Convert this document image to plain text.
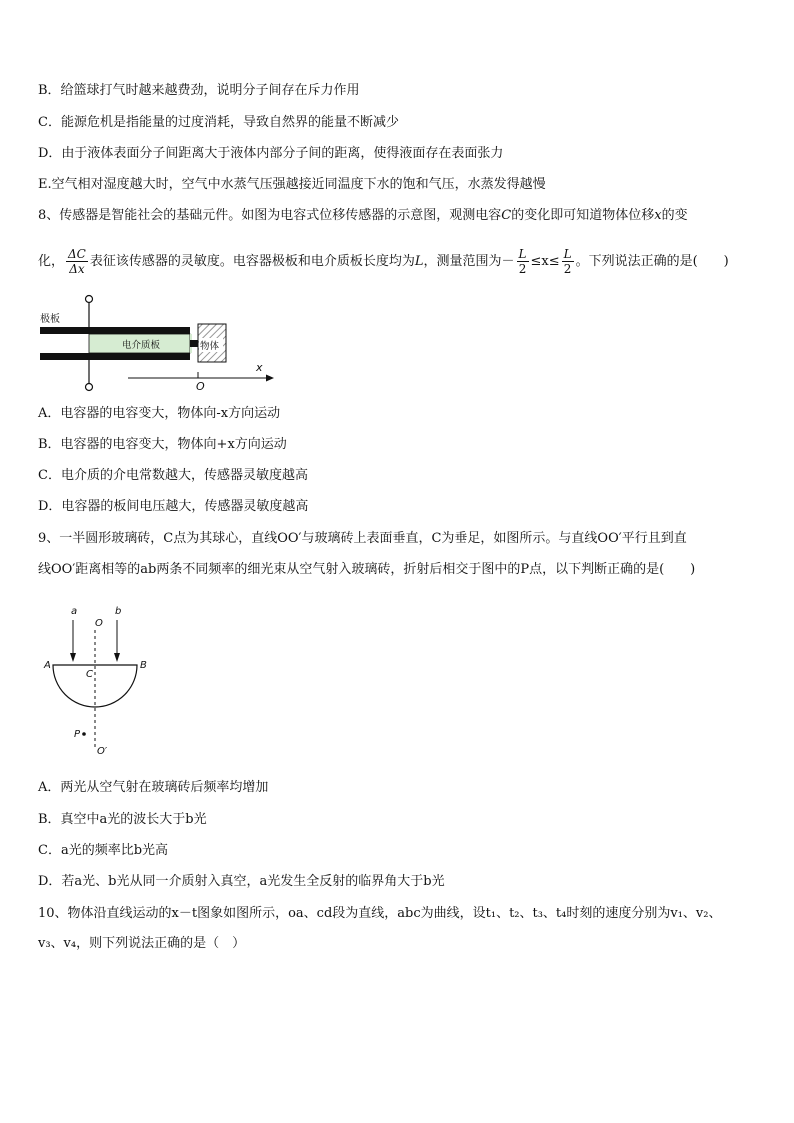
B．给篮球打气时越来越费劲，说明分子间存在斥力作用
C．能源危机是指能量的过度消耗，导致自然界的能量不断减少
D．由于液体表面分子间距离大于液体内部分子间的距离，使得液面存在表面张力
E.空气相对湿度越大时，空气中水蒸气压强越接近同温度下水的饱和气压，水蒸发得越慢
8、传感器是智能社会的基础元件。如图为电容式位移传感器的示意图，观测电容C的变化即可知道物体位移x的变
化， $\frac{\Delta C}{\Delta x}$ 表征该传感器的灵敏度。电容器极板和电介质板长度均为L，测量范围为－ $\frac{L}{2} \le x\le \frac{L}{2}$ 。下列说法正确的是(　　)
极板
电介质板	物体
x
O
A．电容器的电容变大，物体向-x方向运动
B．电容器的电容变大，物体向+x方向运动
C．电介质的介电常数越大，传感器灵敏度越高
D．电容器的板间电压越大，传感器灵敏度越高
9、一半圆形玻璃砖，C点为其球心，直线OO′与玻璃砖上表面垂直，C为垂足，如图所示。与直线OO′平行且到直
线OO′距离相等的ab两条不同频率的细光束从空气射入玻璃砖，折射后相交于图中的P点，以下判断正确的是(　　)
a	b
O
A	B
C
P
O′
A．两光从空气射在玻璃砖后频率均增加
B．真空中a光的波长大于b光
C．a光的频率比b光高
D．若a光、b光从同一介质射入真空，a光发生全反射的临界角大于b光
10、物体沿直线运动的x－t图象如图所示，oa、cd段为直线，abc为曲线，设t₁、t₂、t₃、t₄时刻的速度分别为v₁、v₂、
v₃、v₄，则下列说法正确的是（　）
